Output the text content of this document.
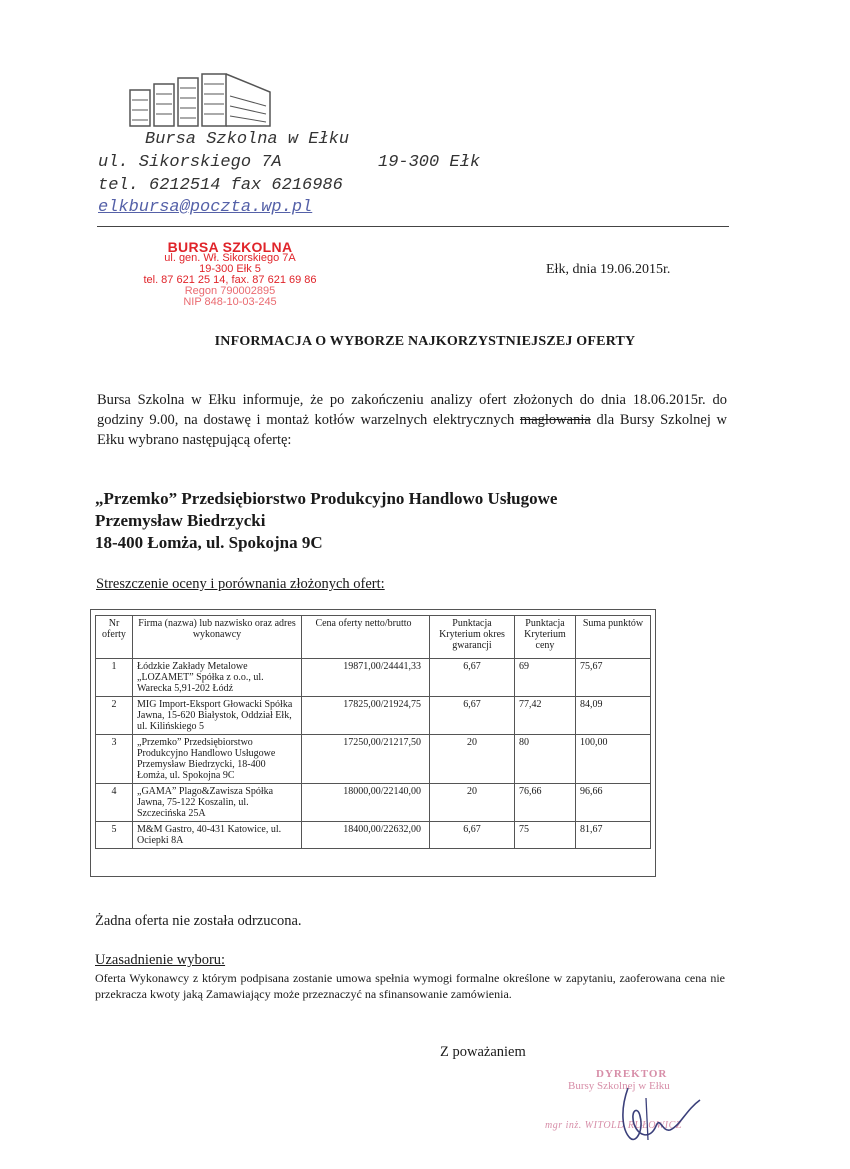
Bursa Szkolna w Ełku
ul. Sikorskiego 7A	19-300 Ełk
tel. 6212514 fax 6216986
elkbursa@poczta.wp.pl
BURSA SZKOLNA
ul. gen. Wł. Sikorskiego 7A
19-300 Ełk 5
tel. 87 621 25 14, fax. 87 621 69 86
Regon 790002895
NIP 848-10-03-245
Ełk, dnia 19.06.2015r.
INFORMACJA O WYBORZE NAJKORZYSTNIEJSZEJ OFERTY
Bursa Szkolna w Ełku informuje, że po zakończeniu analizy ofert złożonych do dnia 18.06.2015r. do godziny 9.00, na dostawę i montaż kotłów warzelnych elektrycznych maglowania dla Bursy Szkolnej w Ełku wybrano następującą ofertę:
„Przemko” Przedsiębiorstwo Produkcyjno Handlowo Usługowe
Przemysław Biedrzycki
18-400 Łomża, ul. Spokojna 9C
Streszczenie oceny i porównania złożonych ofert:
Nr oferty	Firma (nazwa) lub nazwisko oraz adres wykonawcy	Cena oferty netto/brutto	Punktacja Kryterium okres gwarancji	Punktacja Kryterium ceny	Suma punktów
1	Łódzkie Zakłady Metalowe „LOZAMET” Spółka z o.o., ul. Warecka 5,91-202 Łódź	19871,00/24441,33	6,67	69	75,67
2	MIG Import-Eksport Głowacki Spółka Jawna, 15-620 Białystok, Oddział Ełk, ul. Kilińskiego 5	17825,00/21924,75	6,67	77,42	84,09
3	„Przemko” Przedsiębiorstwo Produkcyjno Handlowo Usługowe Przemysław Biedrzycki, 18-400 Łomża, ul. Spokojna 9C	17250,00/21217,50	20	80	100,00
4	„GAMA” Plago&Zawisza Spółka Jawna, 75-122 Koszalin, ul. Szczecińska 25A	18000,00/22140,00	20	76,66	96,66
5	M&M Gastro, 40-431 Katowice, ul. Ociepki 8A	18400,00/22632,00	6,67	75	81,67
Żadna oferta nie została odrzucona.
Uzasadnienie wyboru:
Oferta Wykonawcy z którym podpisana zostanie umowa spełnia wymogi formalne określone w zapytaniu, zaoferowana cena nie przekracza kwoty jaką Zamawiający może przeznaczyć na sfinansowanie zamówienia.
Z poważaniem
DYREKTOR
Bursy Szkolnej w Ełku
mgr inż. WITOLD RUŁOWICZ
